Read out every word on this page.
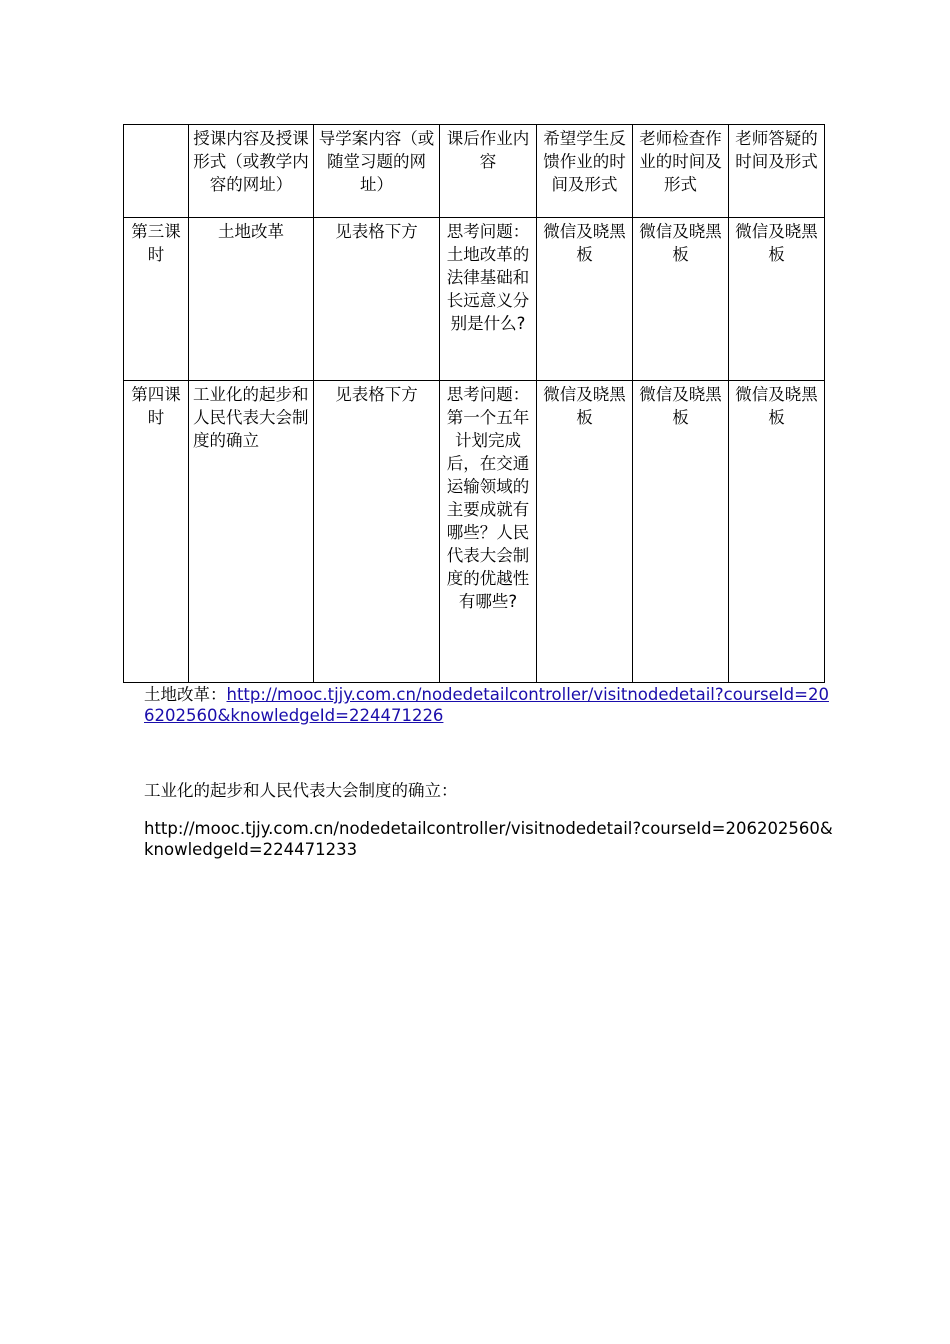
	授课内容及授课形式（或教学内容的网址）	导学案内容（或随堂习题的网址）	课后作业内容	希望学生反馈作业的时间及形式	老师检查作业的时间及形式	老师答疑的时间及形式
第三课时	土地改革	见表格下方	思考问题：土地改革的法律基础和长远意义分别是什么?	微信及晓黑板	微信及晓黑板	微信及晓黑板
第四课时	工业化的起步和人民代表大会制度的确立	见表格下方	思考问题：第一个五年计划完成后，在交通运输领域的主要成就有哪些？人民代表大会制度的优越性有哪些?	微信及晓黑板	微信及晓黑板	微信及晓黑板

土地改革：http://mooc.tjjy.com.cn/nodedetailcontroller/visitnodedetail?courseId=206202560&knowledgeId=224471226

工业化的起步和人民代表大会制度的确立：

http://mooc.tjjy.com.cn/nodedetailcontroller/visitnodedetail?courseId=206202560&knowledgeId=224471233
